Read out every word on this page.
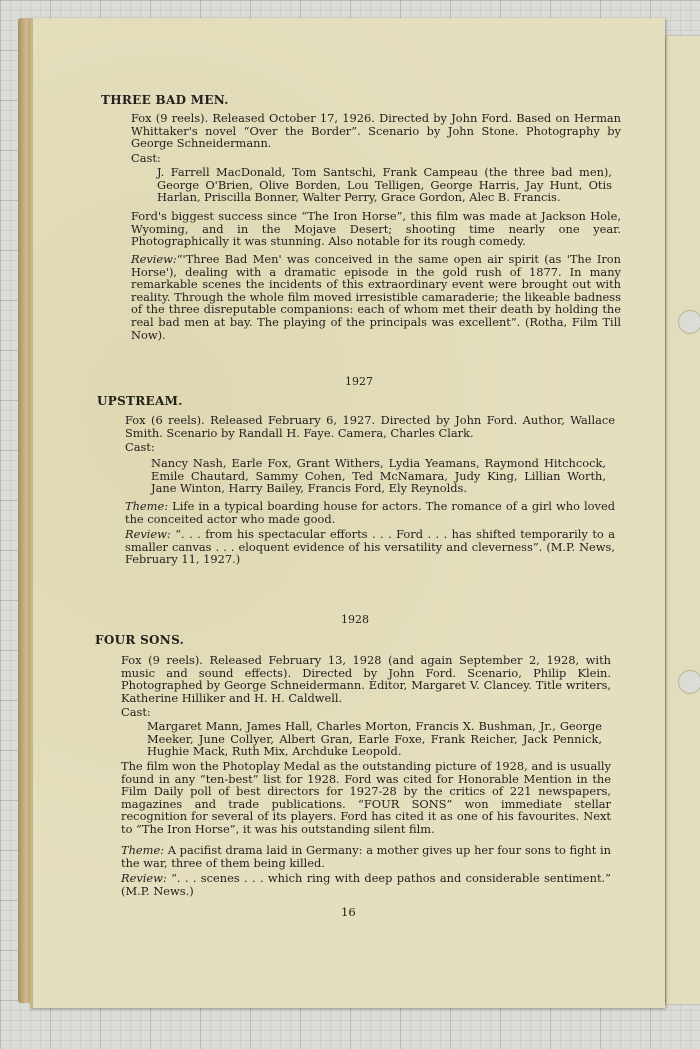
THREE BAD MEN.

Fox (9 reels). Released October 17, 1926. Directed by John Ford. Based on Herman Whittaker's novel “Over the Border”. Scenario by John Stone. Photography by George Schneidermann.

Cast:

J. Farrell MacDonald, Tom Santschi, Frank Campeau (the three bad men), George O'Brien, Olive Borden, Lou Telligen, George Harris, Jay Hunt, Otis Harlan, Priscilla Bonner, Walter Perry, Grace Gordon, Alec B. Francis.

Ford's biggest success since “The Iron Horse”, this film was made at Jackson Hole, Wyoming, and in the Mojave Desert; shooting time nearly one year. Photographically it was stunning. Also notable for its rough comedy.

Review:“'Three Bad Men' was conceived in the same open air spirit (as 'The Iron Horse'), dealing with a dramatic episode in the gold rush of 1877. In many remarkable scenes the incidents of this extraordinary event were brought out with reality. Through the whole film moved irresistible camaraderie; the likeable badness of the three disreputable companions: each of whom met their death by holding the real bad men at bay. The playing of the principals was excellent”. (Rotha, Film Till Now).

1927
UPSTREAM.

Fox (6 reels). Released February 6, 1927. Directed by John Ford. Author, Wallace Smith. Scenario by Randall H. Faye. Camera, Charles Clark.

Cast:

Nancy Nash, Earle Fox, Grant Withers, Lydia Yeamans, Raymond Hitchcock, Emile Chautard, Sammy Cohen, Ted McNamara, Judy King, Lillian Worth, Jane Winton, Harry Bailey, Francis Ford, Ely Reynolds.

Theme: Life in a typical boarding house for actors. The romance of a girl who loved the conceited actor who made good.

Review: “. . . from his spectacular efforts . . . Ford . . . has shifted temporarily to a smaller canvas . . . eloquent evidence of his versatility and cleverness”. (M.P. News, February 11, 1927.)

1928
FOUR SONS.

Fox (9 reels). Released February 13, 1928 (and again September 2, 1928, with music and sound effects). Directed by John Ford. Scenario, Philip Klein. Photographed by George Schneidermann. Editor, Margaret V. Clancey. Title writers, Katherine Hilliker and H. H. Caldwell.

Cast:

Margaret Mann, James Hall, Charles Morton, Francis X. Bushman, Jr., George Meeker, June Collyer, Albert Gran, Earle Foxe, Frank Reicher, Jack Pennick, Hughie Mack, Ruth Mix, Archduke Leopold.

The film won the Photoplay Medal as the outstanding picture of 1928, and is usually found in any “ten-best” list for 1928. Ford was cited for Honorable Mention in the Film Daily poll of best directors for 1927-28 by the critics of 221 newspapers, magazines and trade publications. “FOUR SONS” won immediate stellar recognition for several of its players. Ford has cited it as one of his favourites. Next to “The Iron Horse”, it was his outstanding silent film.

Theme: A pacifist drama laid in Germany: a mother gives up her four sons to fight in the war, three of them being killed.

Review: “. . . scenes . . . which ring with deep pathos and considerable sentiment.” (M.P. News.)

16
